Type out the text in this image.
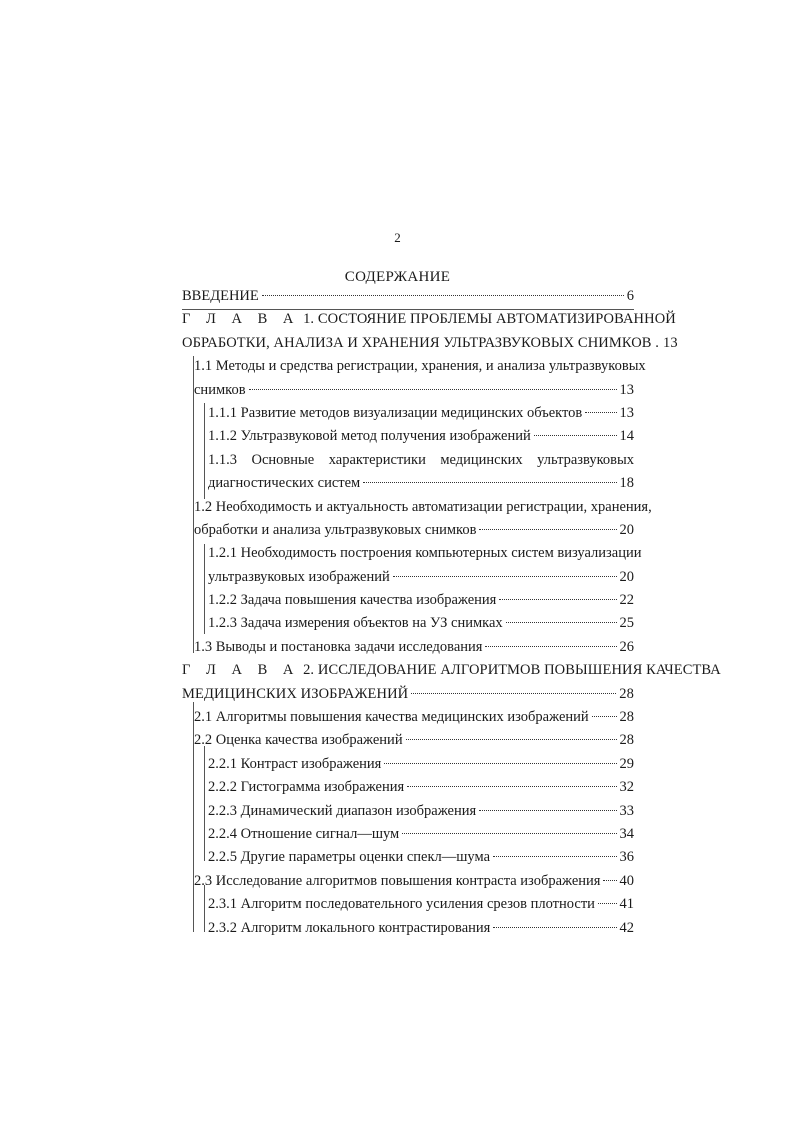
2
СОДЕРЖАНИЕ
ВВЕДЕНИЕ	6
Г Л А В А 1. СОСТОЯНИЕ ПРОБЛЕМЫ АВТОМАТИЗИРОВАННОЙ
ОБРАБОТКИ, АНАЛИЗА И ХРАНЕНИЯ УЛЬТРАЗВУКОВЫХ СНИМКОВ . 13
1.1 Методы и средства регистрации, хранения, и анализа ультразвуковых
снимков	13
1.1.1 Развитие методов визуализации медицинских объектов	13
1.1.2 Ультразвуковой метод получения изображений	14
1.1.3 Основные характеристики медицинских ультразвуковых
диагностических систем	18
1.2 Необходимость и актуальность автоматизации регистрации, хранения,
обработки и анализа ультразвуковых снимков	20
1.2.1 Необходимость построения компьютерных систем визуализации
ультразвуковых изображений	20
1.2.2 Задача повышения качества изображения	22
1.2.3 Задача измерения объектов на УЗ снимках	25
1.3 Выводы и постановка задачи исследования	26
Г Л А В А 2. ИССЛЕДОВАНИЕ АЛГОРИТМОВ ПОВЫШЕНИЯ КАЧЕСТВА
МЕДИЦИНСКИХ ИЗОБРАЖЕНИЙ	28
2.1 Алгоритмы повышения качества медицинских изображений 28
2.2 Оценка качества изображений	28
2.2.1 Контраст изображения	29
2.2.2 Гистограмма изображения	32
2.2.3 Динамический диапазон изображения	33
2.2.4 Отношение сигнал—шум	34
2.2.5 Другие параметры оценки спекл—шума	36
2.3 Исследование алгоритмов повышения контраста изображения 40
2.3.1 Алгоритм последовательного усиления срезов плотности 41
2.3.2 Алгоритм локального контрастирования	42
